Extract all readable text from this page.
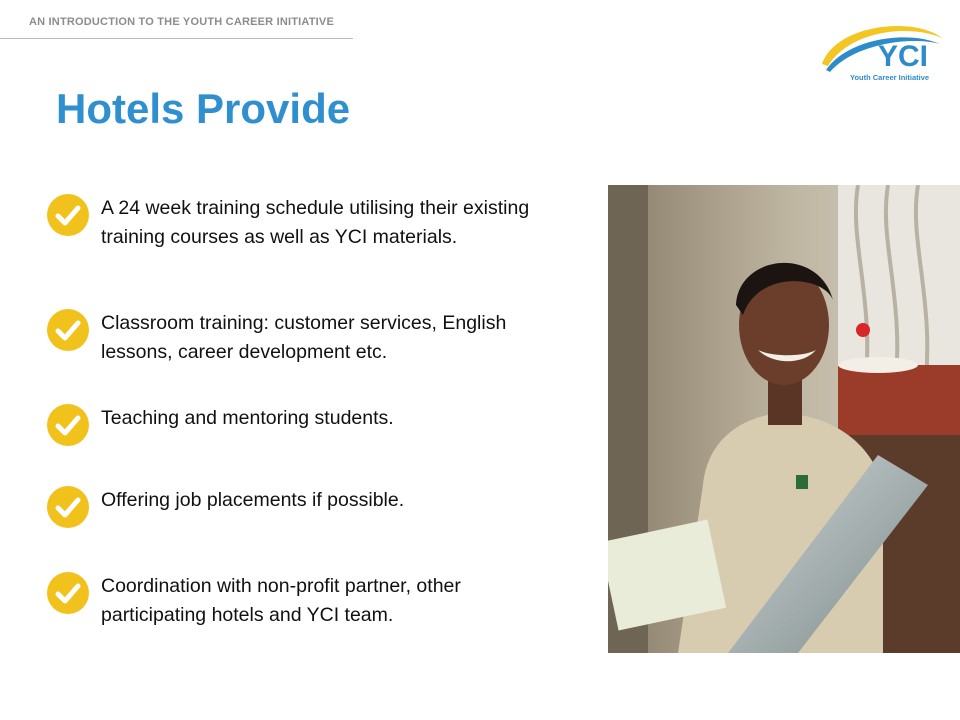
AN INTRODUCTION TO THE YOUTH CAREER INITIATIVE
YCI
Youth Career Initiative
Hotels Provide
A 24 week training schedule utilising their existing training courses as well as YCI materials.
Classroom training: customer services, English lessons, career development etc.
Teaching and mentoring students.
Offering job placements if possible.
Coordination with non-profit partner, other participating hotels and YCI team.
